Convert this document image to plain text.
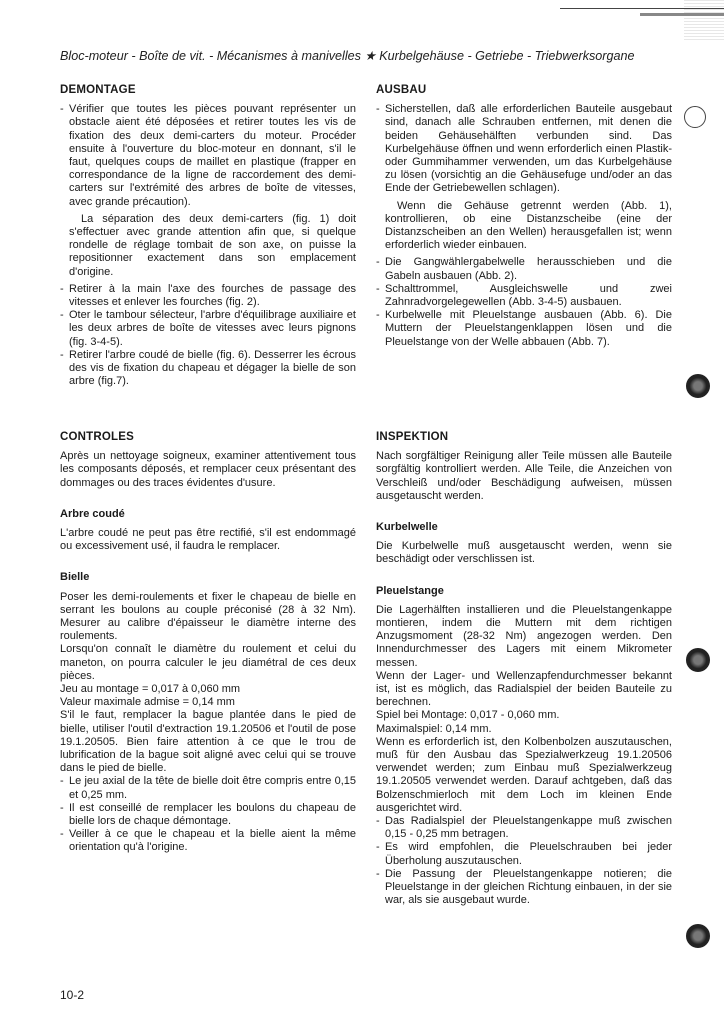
Bloc-moteur - Boîte de vit. - Mécanismes à manivelles ★ Kurbelgehäuse - Getriebe - Triebwerksorgane
DEMONTAGE
- Vérifier que toutes les pièces pouvant représenter un obstacle aient été déposées et retirer toutes les vis de fixation des deux demi-carters du moteur. Procéder ensuite à l'ouverture du bloc-moteur en donnant, s'il le faut, quelques coups de maillet en plastique (frapper en correspondance de la ligne de raccordement des demi-carters sur l'extrémité des arbres de boîte de vitesses, avec grande précaution).

La séparation des deux demi-carters (fig. 1) doit s'effectuer avec grande attention afin que, si quelque rondelle de réglage tombait de son axe, on puisse la repositionner exactement dans son emplacement d'origine.

- Retirer à la main l'axe des fourches de passage des vitesses et enlever les fourches (fig. 2).
- Oter le tambour sélecteur, l'arbre d'équilibrage auxiliaire et les deux arbres de boîte de vitesses avec leurs pignons (fig. 3-4-5).
- Retirer l'arbre coudé de bielle (fig. 6). Desserrer les écrous des vis de fixation du chapeau et dégager la bielle de son arbre (fig.7).
AUSBAU
- Sicherstellen, daß alle erforderlichen Bauteile ausgebaut sind, danach alle Schrauben entfernen, mit denen die beiden Gehäusehälften verbunden sind. Das Kurbelgehäuse öffnen und wenn erforderlich einen Plastik- oder Gummihammer verwenden, um das Kurbelgehäuse zu lösen (vorsichtig an die Gehäusefuge und/oder an das Ende der Getriebewellen schlagen).

Wenn die Gehäuse getrennt werden (Abb. 1), kontrollieren, ob eine Distanzscheibe (eine der Distanzscheiben an den Wellen) herausgefallen ist; wenn erforderlich wieder einbauen.

- Die Gangwählergabelwelle herausschieben und die Gabeln ausbauen (Abb. 2).
- Schalttrommel, Ausgleichswelle und zwei Zahnradvorgelegewellen (Abb. 3-4-5) ausbauen.
- Kurbelwelle mit Pleuelstange ausbauen (Abb. 6). Die Muttern der Pleuelstangenklappen lösen und die Pleuelstange von der Welle abbauen (Abb. 7).
CONTROLES

Après un nettoyage soigneux, examiner attentivement tous les composants déposés, et remplacer ceux présentant des dommages ou des traces évidentes d'usure.

Arbre coudé

L'arbre coudé ne peut pas être rectifié, s'il est endommagé ou excessivement usé, il faudra le remplacer.

Bielle

Poser les demi-roulements et fixer le chapeau de bielle en serrant les boulons au couple préconisé (28 à 32 Nm). Mesurer au calibre d'épaisseur le diamètre interne des roulements.

Lorsqu'on connaît le diamètre du roulement et celui du maneton, on pourra calculer le jeu diamétral de ces deux pièces.

Jeu au montage = 0,017 à 0,060 mm

Valeur maximale admise = 0,14 mm

S'il le faut, remplacer la bague plantée dans le pied de bielle, utiliser l'outil d'extraction 19.1.20506 et l'outil de pose 19.1.20505. Bien faire attention à ce que le trou de lubrification de la bague soit aligné avec celui qui se trouve dans le pied de bielle.

- Le jeu axial de la tête de bielle doit être compris entre 0,15 et 0,25 mm.
- Il est conseillé de remplacer les boulons du chapeau de bielle lors de chaque démontage.
- Veiller à ce que le chapeau et la bielle aient la même orientation qu'à l'origine.
INSPEKTION

Nach sorgfältiger Reinigung aller Teile müssen alle Bauteile sorgfältig kontrolliert werden. Alle Teile, die Anzeichen von Verschleiß und/oder Beschädigung aufweisen, müssen ausgetauscht werden.

Kurbelwelle

Die Kurbelwelle muß ausgetauscht werden, wenn sie beschädigt oder verschlissen ist.

Pleuelstange

Die Lagerhälften installieren und die Pleuelstangenkappe montieren, indem die Muttern mit dem richtigen Anzugsmoment (28-32 Nm) angezogen werden. Den Innendurchmesser des Lagers mit einem Mikrometer messen.

Wenn der Lager- und Wellenzapfendurchmesser bekannt ist, ist es möglich, das Radialspiel der beiden Bauteile zu berechnen.

Spiel bei Montage: 0,017 - 0,060 mm.

Maximalspiel: 0,14 mm.

Wenn es erforderlich ist, den Kolbenbolzen auszutauschen, muß für den Ausbau das Spezialwerkzeug 19.1.20506 verwendet werden; zum Einbau muß Spezialwerkzeug 19.1.20505 verwendet werden. Darauf achtgeben, daß das Bolzenschmierloch mit dem Loch im kleinen Ende ausgerichtet wird.

- Das Radialspiel der Pleuelstangenkappe muß zwischen 0,15 - 0,25 mm betragen.
- Es wird empfohlen, die Pleuelschrauben bei jeder Überholung auszutauschen.
- Die Passung der Pleuelstangenkappe notieren; die Pleuelstange in der gleichen Richtung einbauen, in der sie war, als sie ausgebaut wurde.
10-2
